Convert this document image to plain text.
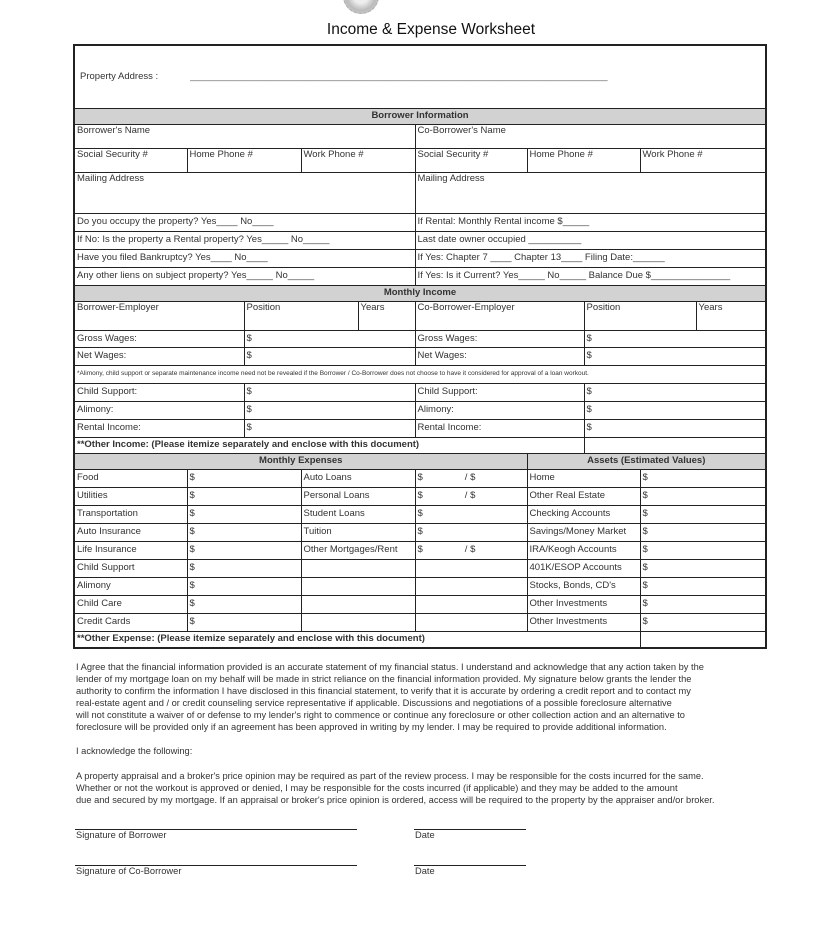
Income & Expense Worksheet
Property Address : _______________________________________________________________________________									
Borrower Information									
Borrower's Name					Co-Borrower's Name				
Social Security #	Home Phone #		Work Phone #		Social Security #	Home Phone #		Work Phone #	
Mailing Address					Mailing Address				
Do you occupy the property? Yes____ No____					If Rental: Monthly Rental income $_____				
If No: Is the property a Rental property? Yes_____ No_____					Last date owner occupied __________				
Have you filed Bankruptcy? Yes____ No____					If Yes: Chapter 7 ____ Chapter 13____ Filing Date:______				
Any other liens on subject property? Yes_____ No_____					If Yes: Is it Current? Yes_____ No_____ Balance Due $_______________				
Monthly Income									
Borrower-Employer		Position		Years	Co-Borrower-Employer		Position		Years
Gross Wages:		$			Gross Wages:		$		
Net Wages:		$			Net Wages:		$		
*Alimony, child support or separate maintenance income need not be revealed if the Borrower / Co-Borrower does not choose to have it considered for approval of a loan workout.									
Child Support:		$			Child Support:		$		
Alimony:		$			Alimony:		$		
Rental Income:		$			Rental Income:		$		
**Other Income: (Please itemize separately and enclose with this document)									
Monthly Expenses						Assets (Estimated Values)			
Food	$		Auto Loans		$ / $	Home		$	
Utilities	$		Personal Loans		$ / $	Other Real Estate		$	
Transportation	$		Student Loans		$	Checking Accounts		$	
Auto Insurance	$		Tuition		$	Savings/Money Market		$	
Life Insurance	$		Other Mortgages/Rent		$ / $	IRA/Keogh Accounts		$	
Child Support	$					401K/ESOP Accounts		$	
Alimony	$					Stocks, Bonds, CD's		$	
Child Care	$					Other Investments		$	
Credit Cards	$					Other Investments		$	
**Other Expense: (Please itemize separately and enclose with this document)									
I Agree that the financial information provided is an accurate statement of my financial status. I understand and acknowledge that any action taken by the
lender of my mortgage loan on my behalf will be made in strict reliance on the financial information provided. My signature below grants the lender the
authority to confirm the information I have disclosed in this financial statement, to verify that it is accurate by ordering a credit report and to contact my
real-estate agent and / or credit counseling service representative if applicable. Discussions and negotiations of a possible foreclosure alternative
will not constitute a waiver of or defense to my lender's right to commence or continue any foreclosure or other collection action and an alternative to
foreclosure will be provided only if an agreement has been approved in writing by my lender. I may be required to provide additional information.
I acknowledge the following:
A property appraisal and a broker's price opinion may be required as part of the review process. I may be responsible for the costs incurred for the same.
Whether or not the workout is approved or denied, I may be responsible for the costs incurred (if applicable) and they may be added to the amount
due and secured by my mortgage. If an appraisal or broker's price opinion is ordered, access will be required to the property by the appraiser and/or broker.
Signature of Borrower	Date
Signature of Co-Borrower	Date
